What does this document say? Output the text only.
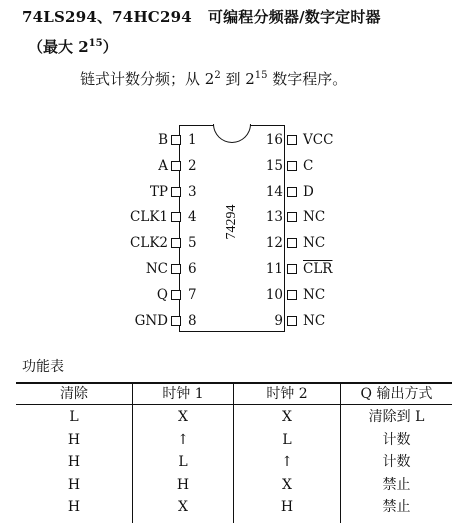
74LS294、74HC294 可编程分频器/数字定时器
（最大 $2^{15}$）
链式计数分频；从 $2^2$ 到 $2^{15}$ 数字程序。
74294
B 1	16 VCC
A 2	15 C
TP 3	14 D
CLK1 4	13 NC
CLK2 5	12 NC
NC 6	11 $\overline{CLR}$
Q 7	10 NC
GND 8	9 NC
功能表
清除	时钟 1	时钟 2	Q 输出方式
L	X	X	清除到 L
H	↑	L	计数
H	L	↑	计数
H	H	X	禁止
H	X	H	禁止
